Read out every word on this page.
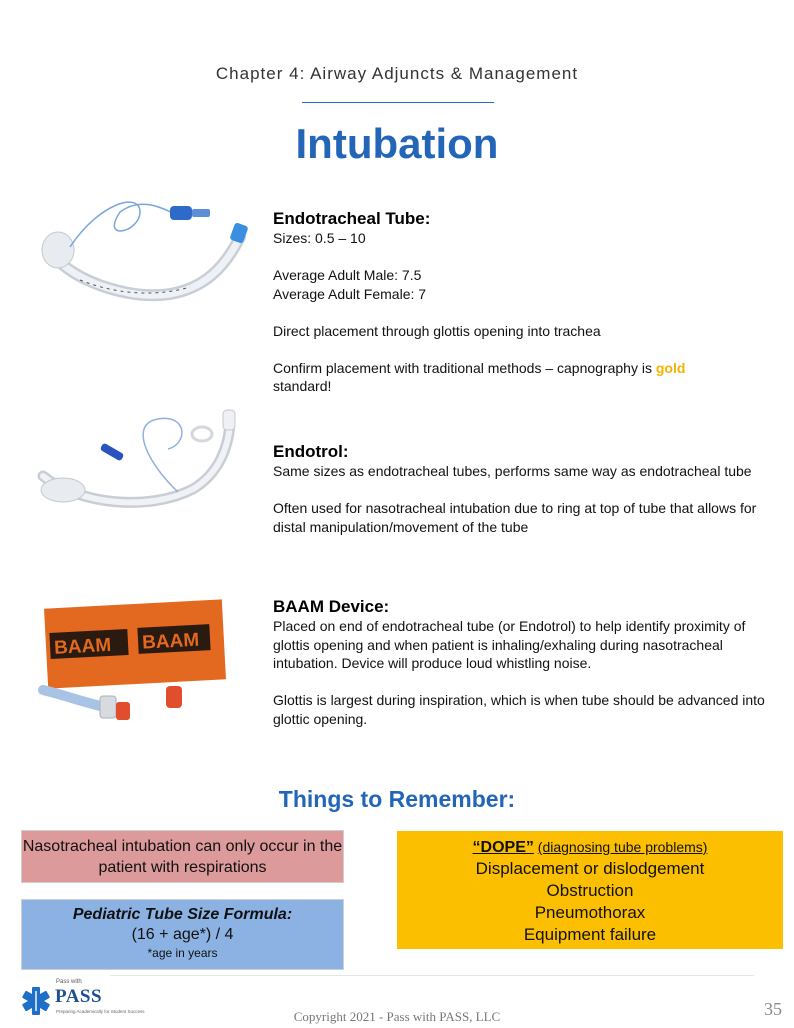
Chapter 4: Airway Adjuncts & Management
Intubation
Endotracheal Tube:

Sizes: 0.5 – 10

Average Adult Male: 7.5

Average Adult Female: 7

Direct placement through glottis opening into trachea

Confirm placement with traditional methods – capnography is gold
standard!

Endotrol:

Same sizes as endotracheal tubes, performs same way as endotracheal tube

Often used for nasotracheal intubation due to ring at top of tube that allows for distal manipulation/movement of the tube

BAAM BAAM
BAAM Device:

Placed on end of endotracheal tube (or Endotrol) to help identify proximity of glottis opening and when patient is inhaling/exhaling during nasotracheal intubation. Device will produce loud whistling noise.

Glottis is largest during inspiration, which is when tube should be advanced into glottic opening.

Things to Remember:
Nasotracheal intubation can only occur in the patient with respirations
Pediatric Tube Size Formula:
(16 + age*) / 4
*age in years
“DOPE” (diagnosing tube problems)
Displacement or dislodgement
Obstruction
Pneumothorax
Equipment failure
Pass with
PASS
Preparing Academically for Student Success	Copyright 2021 - Pass with PASS, LLC	35
